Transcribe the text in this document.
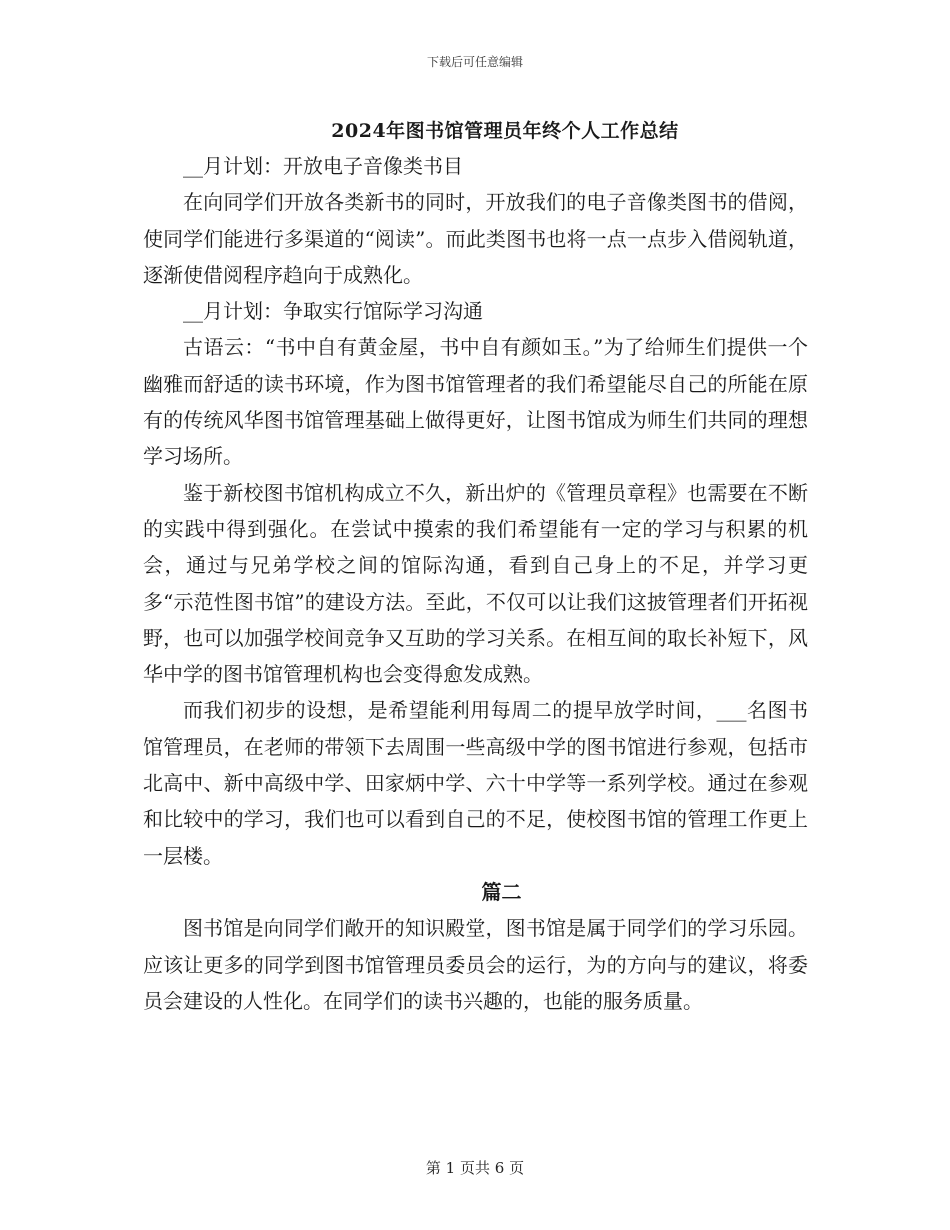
下载后可任意编辑
2024年图书馆管理员年终个人工作总结

__月计划：开放电子音像类书目

在向同学们开放各类新书的同时，开放我们的电子音像类图书的借阅，使同学们能进行多渠道的“阅读”。而此类图书也将一点一点步入借阅轨道，逐渐使借阅程序趋向于成熟化。

__月计划：争取实行馆际学习沟通

古语云：“书中自有黄金屋，书中自有颜如玉。”为了给师生们提供一个幽雅而舒适的读书环境，作为图书馆管理者的我们希望能尽自己的所能在原有的传统风华图书馆管理基础上做得更好，让图书馆成为师生们共同的理想学习场所。

鉴于新校图书馆机构成立不久，新出炉的《管理员章程》也需要在不断的实践中得到强化。在尝试中摸索的我们希望能有一定的学习与积累的机会，通过与兄弟学校之间的馆际沟通，看到自己身上的不足，并学习更多“示范性图书馆”的建设方法。至此，不仅可以让我们这披管理者们开拓视野，也可以加强学校间竞争又互助的学习关系。在相互间的取长补短下，风华中学的图书馆管理机构也会变得愈发成熟。

而我们初步的设想，是希望能利用每周二的提早放学时间，___名图书馆管理员，在老师的带领下去周围一些高级中学的图书馆进行参观，包括市北高中、新中高级中学、田家炳中学、六十中学等一系列学校。通过在参观和比较中的学习，我们也可以看到自己的不足，使校图书馆的管理工作更上一层楼。

篇二

图书馆是向同学们敞开的知识殿堂，图书馆是属于同学们的学习乐园。应该让更多的同学到图书馆管理员委员会的运行，为的方向与的建议，将委员会建设的人性化。在同学们的读书兴趣的，也能的服务质量。

第 1 页共 6 页
